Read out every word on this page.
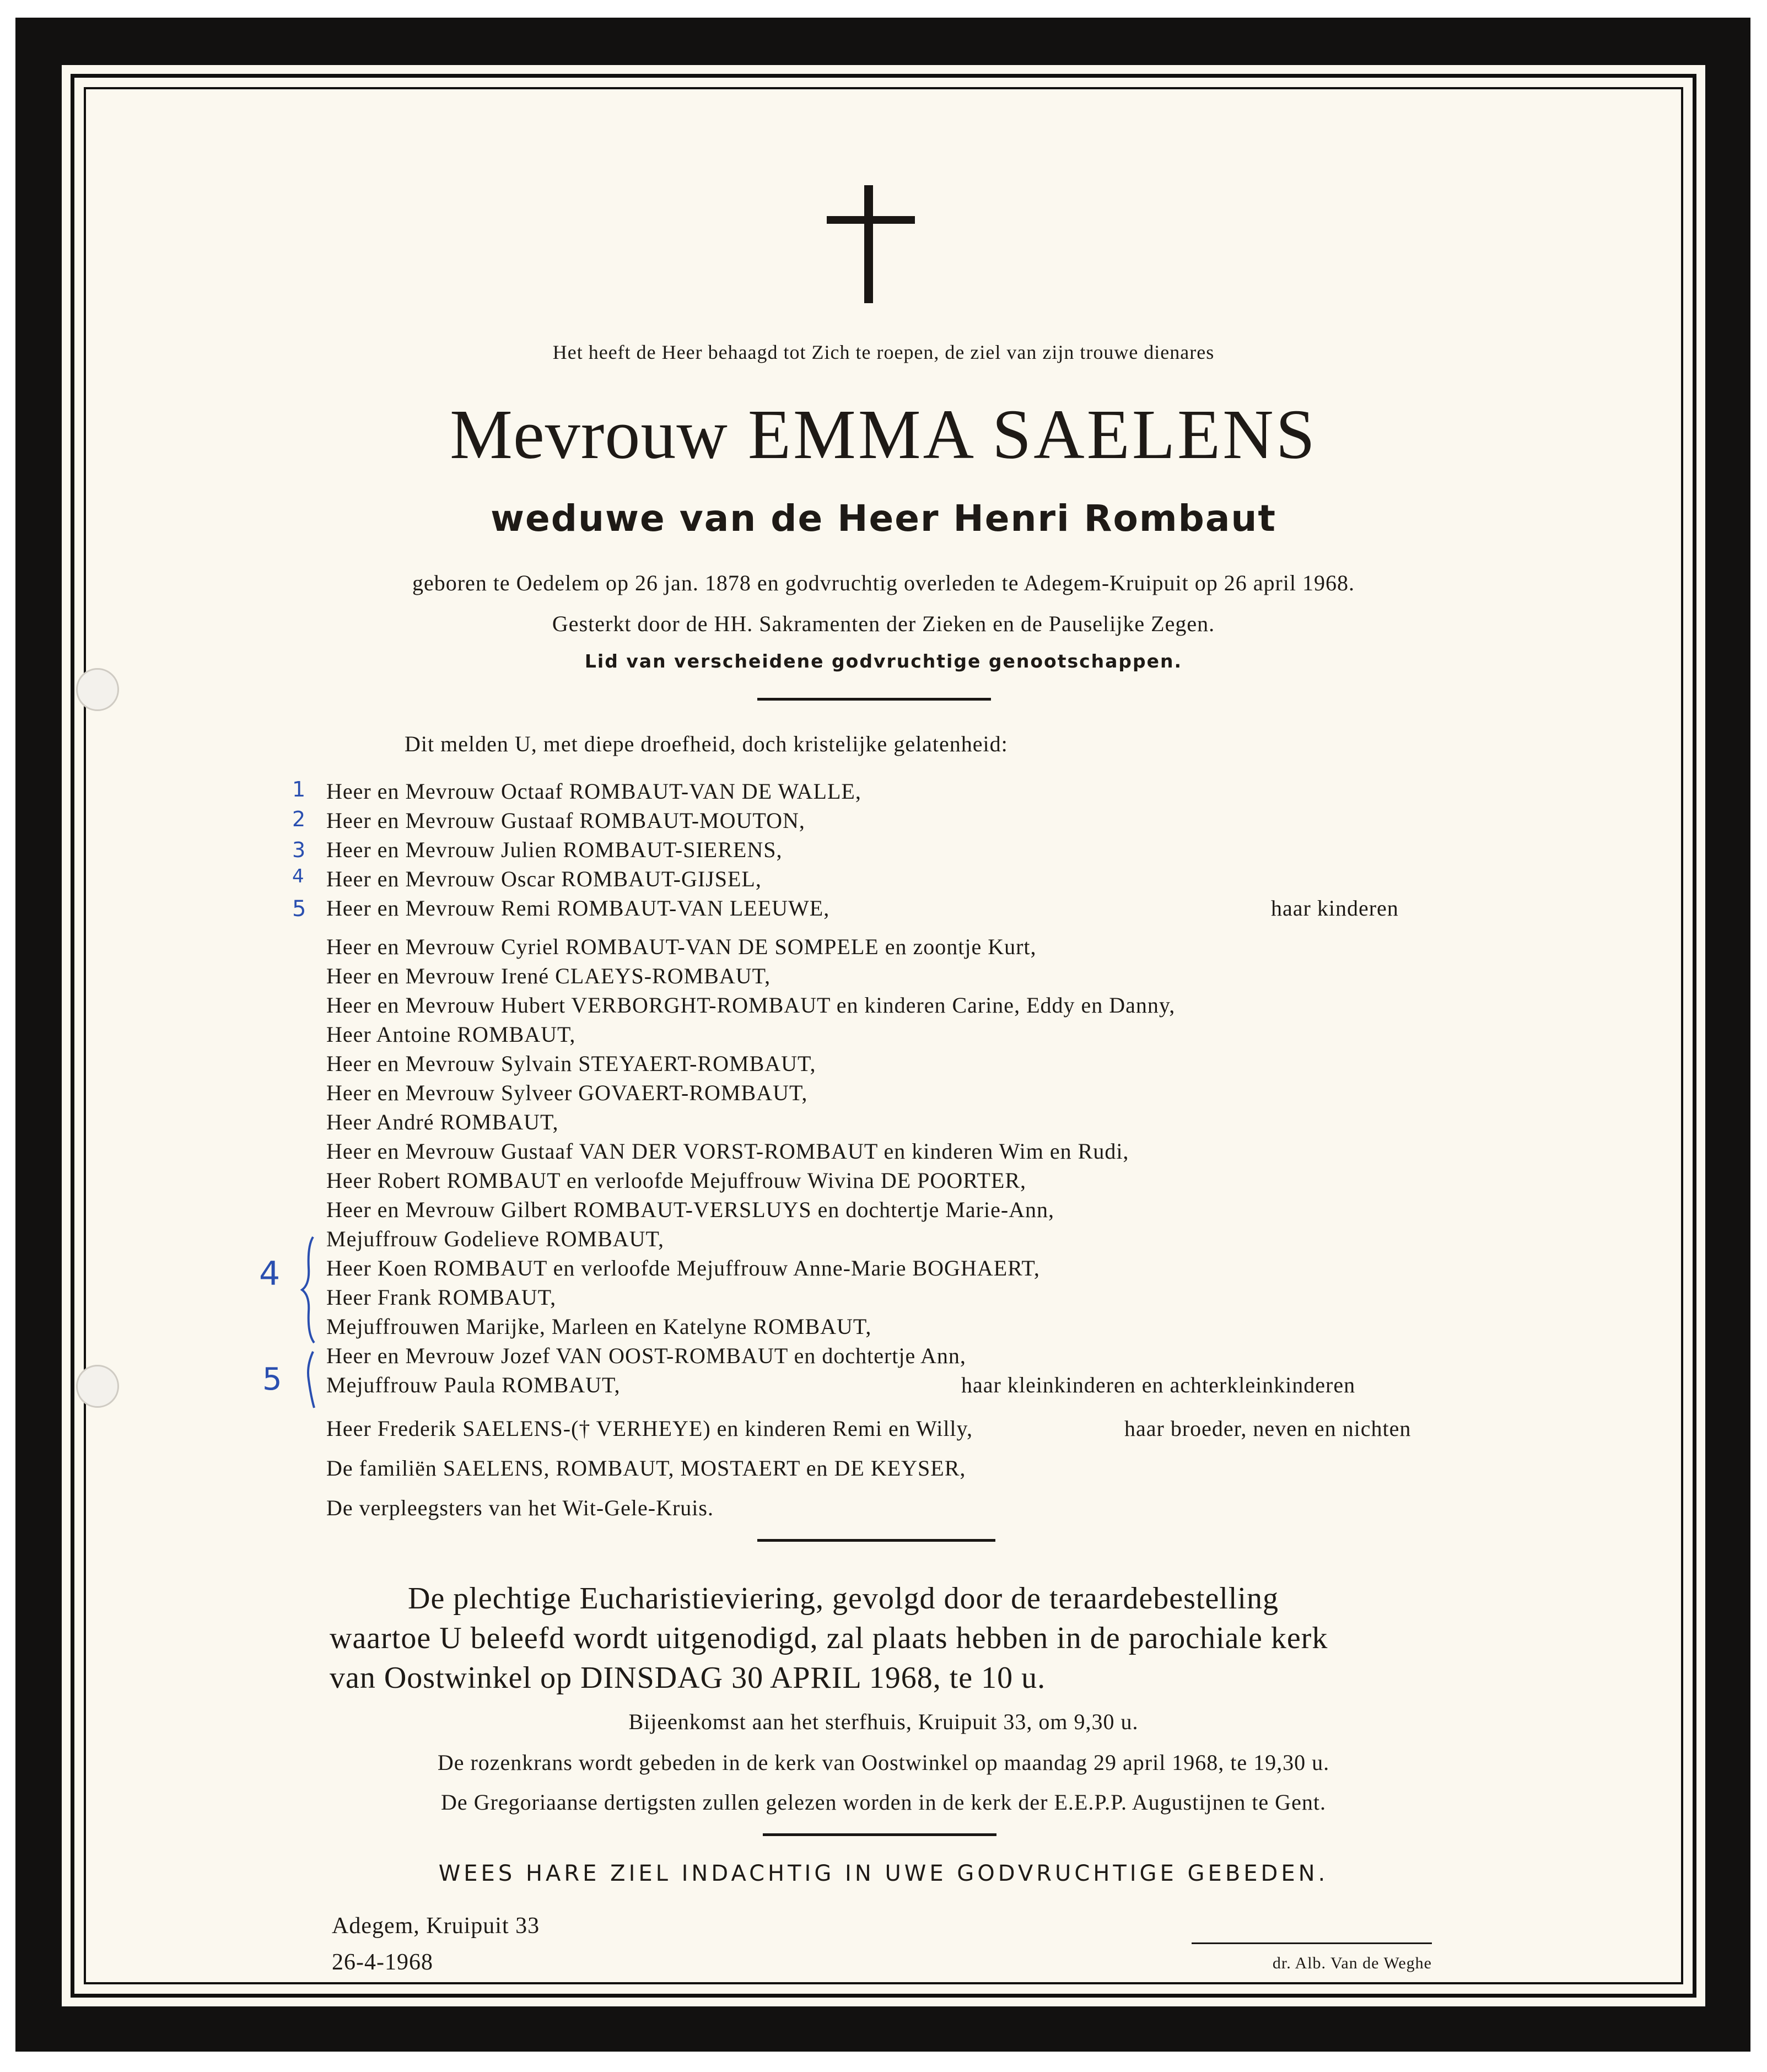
Het heeft de Heer behaagd tot Zich te roepen, de ziel van zijn trouwe dienares
Mevrouw EMMA SAELENS
weduwe van de Heer Henri Rombaut
geboren te Oedelem op 26 jan. 1878 en godvruchtig overleden te Adegem-Kruipuit op 26 april 1968.
Gesterkt door de HH. Sakramenten der Zieken en de Pauselijke Zegen.
Lid van verscheidene godvruchtige genootschappen.
Dit melden U, met diepe droefheid, doch kristelijke gelatenheid:
Heer en Mevrouw Octaaf ROMBAUT-VAN DE WALLE,
Heer en Mevrouw Gustaaf ROMBAUT-MOUTON,
Heer en Mevrouw Julien ROMBAUT-SIERENS,
Heer en Mevrouw Oscar ROMBAUT-GIJSEL,
Heer en Mevrouw Remi ROMBAUT-VAN LEEUWE,	haar kinderen
1
2
3
4
5
Heer en Mevrouw Cyriel ROMBAUT-VAN DE SOMPELE en zoontje Kurt,
Heer en Mevrouw Irené CLAEYS-ROMBAUT,
Heer en Mevrouw Hubert VERBORGHT-ROMBAUT en kinderen Carine, Eddy en Danny,
Heer Antoine ROMBAUT,
Heer en Mevrouw Sylvain STEYAERT-ROMBAUT,
Heer en Mevrouw Sylveer GOVAERT-ROMBAUT,
Heer André ROMBAUT,
Heer en Mevrouw Gustaaf VAN DER VORST-ROMBAUT en kinderen Wim en Rudi,
Heer Robert ROMBAUT en verloofde Mejuffrouw Wivina DE POORTER,
Heer en Mevrouw Gilbert ROMBAUT-VERSLUYS en dochtertje Marie-Ann,
Mejuffrouw Godelieve ROMBAUT,
Heer Koen ROMBAUT en verloofde Mejuffrouw Anne-Marie BOGHAERT,
Heer Frank ROMBAUT,
Mejuffrouwen Marijke, Marleen en Katelyne ROMBAUT,
Heer en Mevrouw Jozef VAN OOST-ROMBAUT en dochtertje Ann,
Mejuffrouw Paula ROMBAUT,	haar kleinkinderen en achterkleinkinderen
4
5
Heer Frederik SAELENS-(† VERHEYE) en kinderen Remi en Willy,	haar broeder, neven en nichten
De familiën SAELENS, ROMBAUT, MOSTAERT en DE KEYSER,
De verpleegsters van het Wit-Gele-Kruis.
De plechtige Eucharistieviering, gevolgd door de teraardebestelling
waartoe U beleefd wordt uitgenodigd, zal plaats hebben in de parochiale kerk
van Oostwinkel op DINSDAG 30 APRIL 1968, te 10 u.
Bijeenkomst aan het sterfhuis, Kruipuit 33, om 9,30 u.
De rozenkrans wordt gebeden in de kerk van Oostwinkel op maandag 29 april 1968, te 19,30 u.
De Gregoriaanse dertigsten zullen gelezen worden in de kerk der E.E.P.P. Augustijnen te Gent.
WEES HARE ZIEL INDACHTIG IN UWE GODVRUCHTIGE GEBEDEN.
Adegem, Kruipuit 33
26-4-1968	dr. Alb. Van de Weghe
